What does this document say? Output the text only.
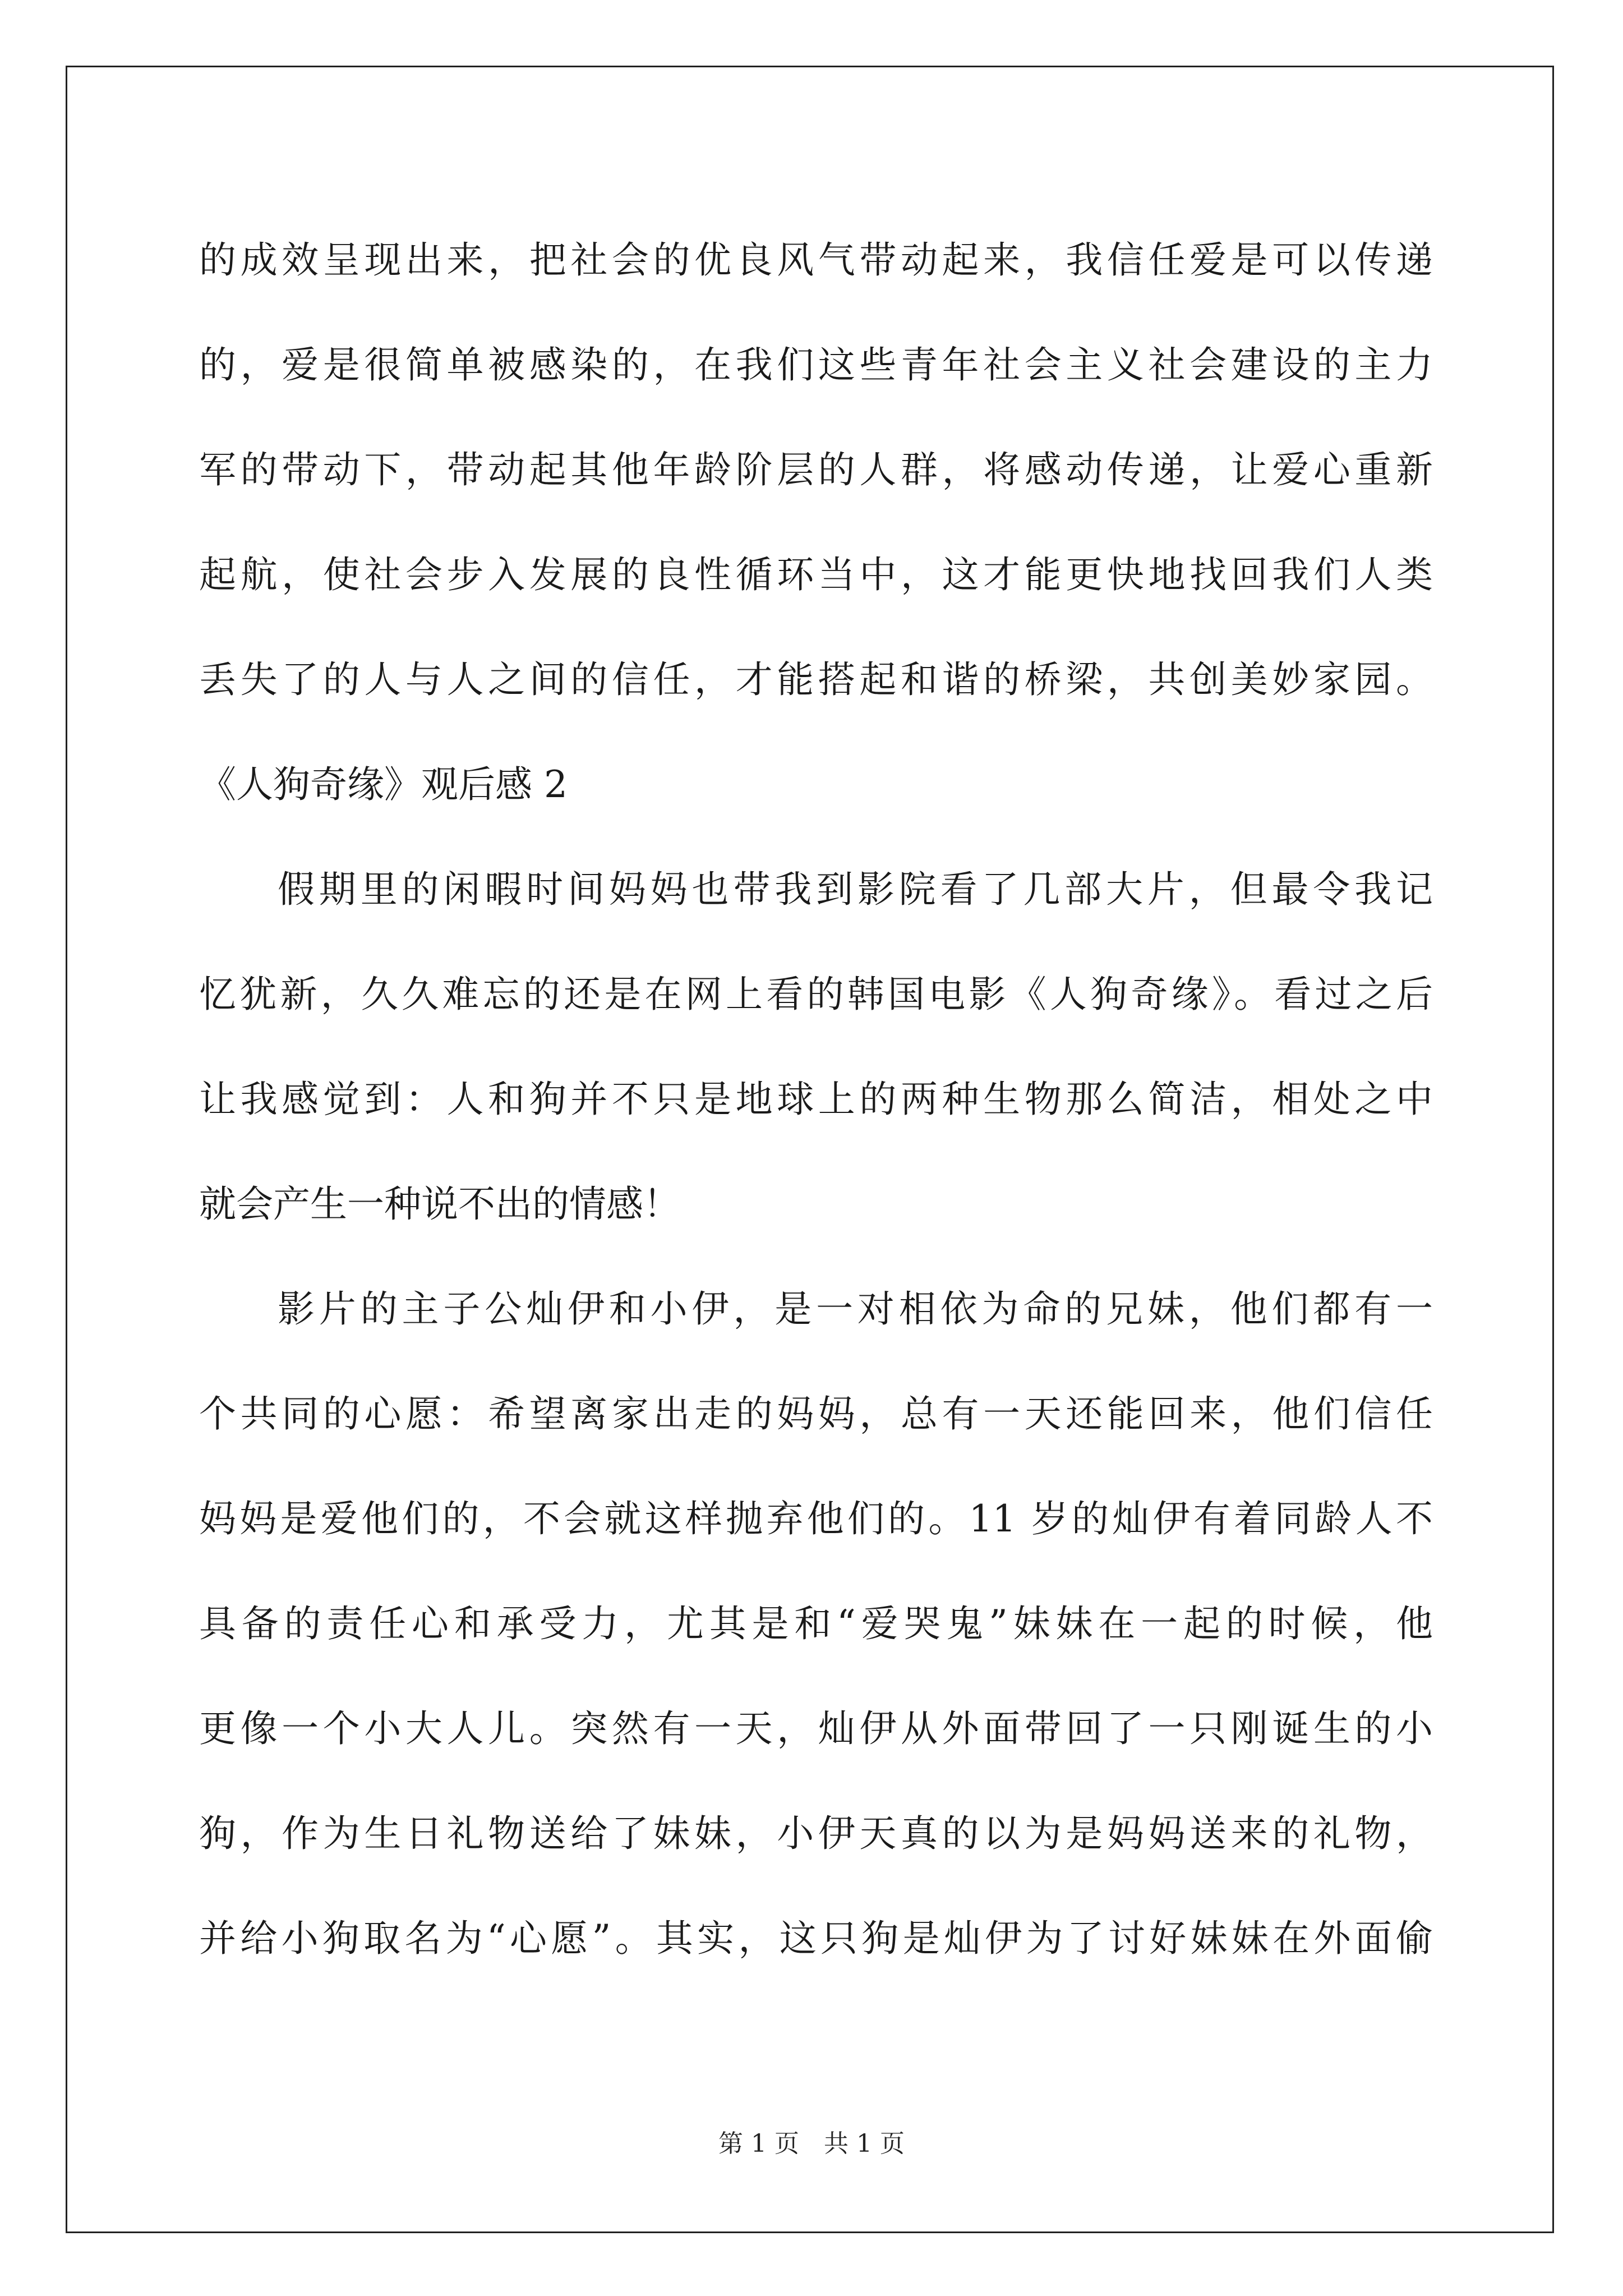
的成效呈现出来，把社会的优良风气带动起来，我信任爱是可以传递
的，爱是很简单被感染的，在我们这些青年社会主义社会建设的主力
军的带动下，带动起其他年龄阶层的人群，将感动传递，让爱心重新
起航，使社会步入发展的良性循环当中，这才能更快地找回我们人类
丢失了的人与人之间的信任，才能搭起和谐的桥梁，共创美妙家园。
《人狗奇缘》观后感 2
假期里的闲暇时间妈妈也带我到影院看了几部大片，但最令我记
忆犹新，久久难忘的还是在网上看的韩国电影《人狗奇缘》。看过之后
让我感觉到：人和狗并不只是地球上的两种生物那么简洁，相处之中
就会产生一种说不出的情感！
影片的主子公灿伊和小伊，是一对相依为命的兄妹，他们都有一
个共同的心愿：希望离家出走的妈妈，总有一天还能回来，他们信任
妈妈是爱他们的，不会就这样抛弃他们的。11 岁的灿伊有着同龄人不
具备的责任心和承受力，尤其是和“爱哭鬼”妹妹在一起的时候，他
更像一个小大人儿。突然有一天，灿伊从外面带回了一只刚诞生的小
狗，作为生日礼物送给了妹妹，小伊天真的以为是妈妈送来的礼物，
并给小狗取名为“心愿”。其实，这只狗是灿伊为了讨好妹妹在外面偷
第 1 页　共 1 页
